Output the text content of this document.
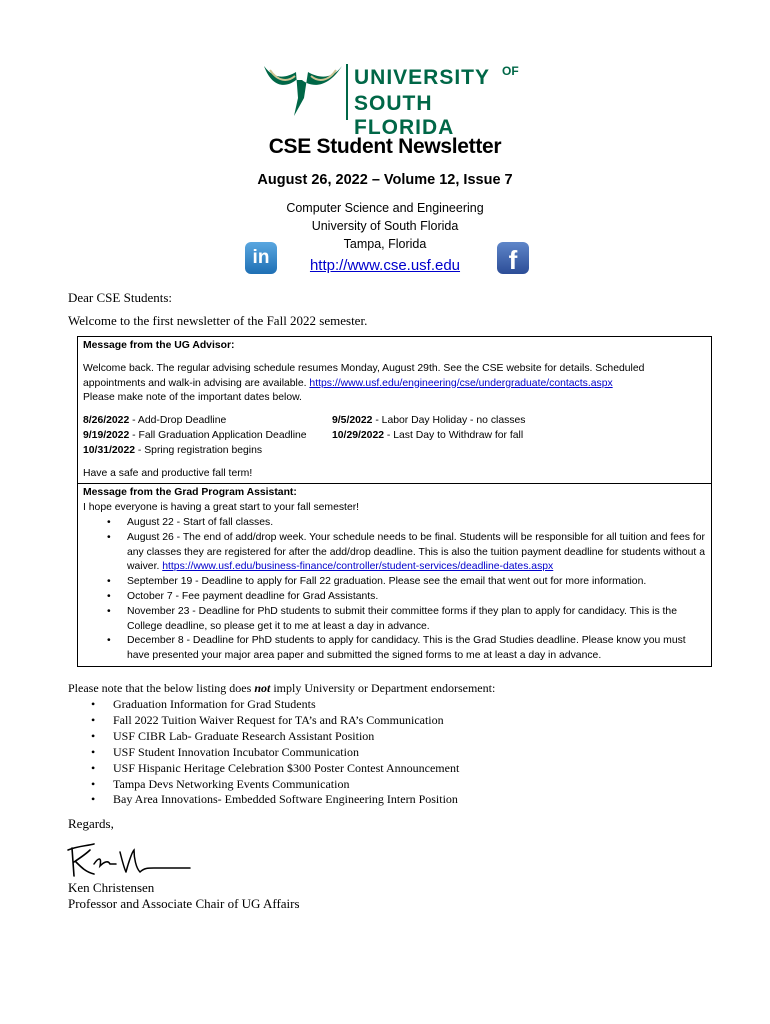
UNIVERSITY OF
SOUTH FLORIDA
CSE Student Newsletter
August 26, 2022 – Volume 12, Issue 7
Computer Science and Engineering
University of South Florida
Tampa, Florida
http://www.cse.usf.edu
in	f
Dear CSE Students:
Welcome to the first newsletter of the Fall 2022 semester.
Message from the UG Advisor:
Welcome back. The regular advising schedule resumes Monday, August 29th. See the CSE website for details. Scheduled appointments and walk-in advising are available. https://www.usf.edu/engineering/cse/undergraduate/contacts.aspx
Please make note of the important dates below.
8/26/2022 - Add-Drop Deadline
9/19/2022 - Fall Graduation Application Deadline
10/31/2022 - Spring registration begins
9/5/2022 - Labor Day Holiday - no classes
10/29/2022 - Last Day to Withdraw for fall
Have a safe and productive fall term!
Message from the Grad Program Assistant:
I hope everyone is having a great start to your fall semester!
• August 22 - Start of fall classes.
• August 26 - The end of add/drop week. Your schedule needs to be final. Students will be responsible for all tuition and fees for any classes they are registered for after the add/drop deadline. This is also the tuition payment deadline for students without a waiver. https://www.usf.edu/business-finance/controller/student-services/deadline-dates.aspx
• September 19 - Deadline to apply for Fall 22 graduation. Please see the email that went out for more information.
• October 7 - Fee payment deadline for Grad Assistants.
• November 23 - Deadline for PhD students to submit their committee forms if they plan to apply for candidacy. This is the College deadline, so please get it to me at least a day in advance.
• December 8 - Deadline for PhD students to apply for candidacy. This is the Grad Studies deadline. Please know you must have presented your major area paper and submitted the signed forms to me at least a day in advance.
Please note that the below listing does not imply University or Department endorsement:
• Graduation Information for Grad Students
• Fall 2022 Tuition Waiver Request for TA’s and RA’s Communication
• USF CIBR Lab- Graduate Research Assistant Position
• USF Student Innovation Incubator Communication
• USF Hispanic Heritage Celebration $300 Poster Contest Announcement
• Tampa Devs Networking Events Communication
• Bay Area Innovations- Embedded Software Engineering Intern Position
Regards,
Ken Christensen
Professor and Associate Chair of UG Affairs
